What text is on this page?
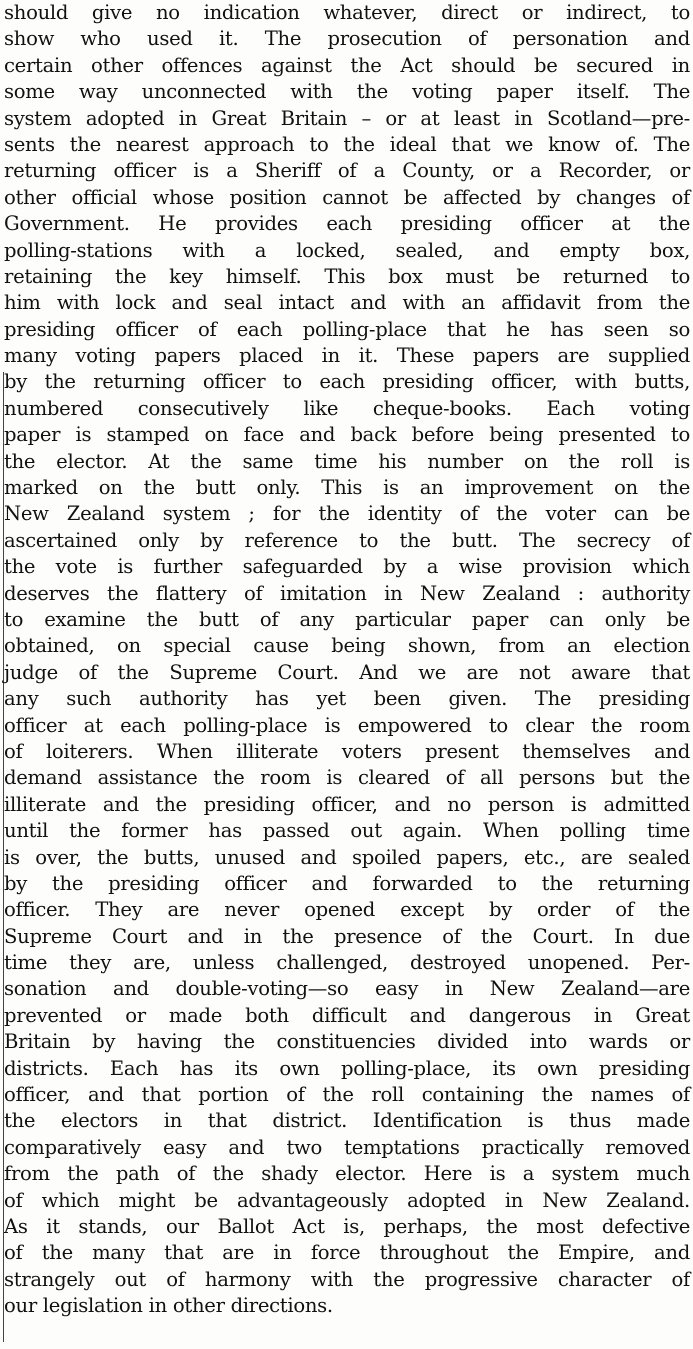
should give no indication whatever, direct or indirect, to
show who used it. The prosecution of personation and
certain other offences against the Act should be secured in
some way unconnected with the voting paper itself. The
system adopted in Great Britain – or at least in Scotland—pre-
sents the nearest approach to the ideal that we know of. The
returning officer is a Sheriff of a County, or a Recorder, or
other official whose position cannot be affected by changes of
Government. He provides each presiding officer at the
polling-stations with a locked, sealed, and empty box,
retaining the key himself. This box must be returned to
him with lock and seal intact and with an affidavit from the
presiding officer of each polling-place that he has seen so
many voting papers placed in it. These papers are supplied
by the returning officer to each presiding officer, with butts,
numbered consecutively like cheque-books. Each voting
paper is stamped on face and back before being presented to
the elector. At the same time his number on the roll is
marked on the butt only. This is an improvement on the
New Zealand system ; for the identity of the voter can be
ascertained only by reference to the butt. The secrecy of
the vote is further safeguarded by a wise provision which
deserves the flattery of imitation in New Zealand : authority
to examine the butt of any particular paper can only be
obtained, on special cause being shown, from an election
judge of the Supreme Court. And we are not aware that
any such authority has yet been given. The presiding
officer at each polling-place is empowered to clear the room
of loiterers. When illiterate voters present themselves and
demand assistance the room is cleared of all persons but the
illiterate and the presiding officer, and no person is admitted
until the former has passed out again. When polling time
is over, the butts, unused and spoiled papers, etc., are sealed
by the presiding officer and forwarded to the returning
officer. They are never opened except by order of the
Supreme Court and in the presence of the Court. In due
time they are, unless challenged, destroyed unopened. Per-
sonation and double-voting—so easy in New Zealand—are
prevented or made both difficult and dangerous in Great
Britain by having the constituencies divided into wards or
districts. Each has its own polling-place, its own presiding
officer, and that portion of the roll containing the names of
the electors in that district. Identification is thus made
comparatively easy and two temptations practically removed
from the path of the shady elector. Here is a system much
of which might be advantageously adopted in New Zealand.
As it stands, our Ballot Act is, perhaps, the most defective
of the many that are in force throughout the Empire, and
strangely out of harmony with the progressive character of
our legislation in other directions.
